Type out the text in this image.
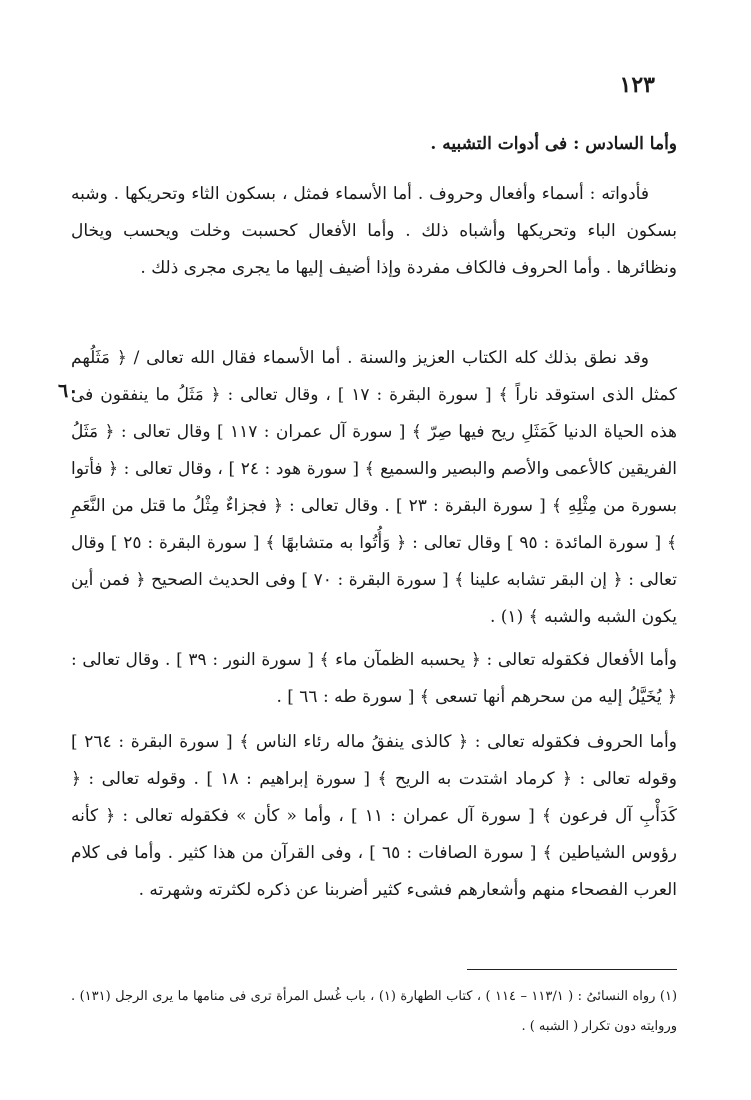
١٢٣
٦٠

وأما السادس : فى أدوات التشبيه .

فأدواته : أسماء وأفعال وحروف . أما الأسماء فمثل ، بسكون الثاء وتحريكها . وشبه بسكون الباء وتحريكها وأشباه ذلك . وأما الأفعال كحسبت وخلت ويحسب ويخال ونظائرها . وأما الحروف فالكاف مفردة وإذا أضيف إليها ما يجرى مجرى ذلك .

وقد نطق بذلك كله الكتاب العزيز والسنة . أما الأسماء فقال الله تعالى / ﴿ مَثَلُهم كمثل الذى استوقد ناراً ﴾ [ سورة البقرة : ١٧ ] ، وقال تعالى : ﴿ مَثَلُ ما ينفقون فى هذه الحياة الدنيا كَمَثَلِ ريح فيها صِرّ ﴾ [ سورة آل عمران : ١١٧ ] وقال تعالى : ﴿ مَثَلُ الفريقين كالأعمى والأصم والبصير والسميع ﴾ [ سورة هود : ٢٤ ] ، وقال تعالى : ﴿ فأتوا بسورة من مِثْلِهِ ﴾ [ سورة البقرة : ٢٣ ] . وقال تعالى : ﴿ فجزاءٌ مِثْلُ ما قتل من النَّعَمِ ﴾ [ سورة المائدة : ٩٥ ] وقال تعالى : ﴿ وَأُتُوا به متشابهًا ﴾ [ سورة البقرة : ٢٥ ] وقال تعالى : ﴿ إن البقر تشابه علينا ﴾ [ سورة البقرة : ٧٠ ] وفى الحديث الصحيح ﴿ فمن أين يكون الشبه والشبه ﴾ (١) .

وأما الأفعال فكقوله تعالى : ﴿ يحسبه الظمآن ماء ﴾ [ سورة النور : ٣٩ ] . وقال تعالى : ﴿ يُخَيَّلُ إليه من سحرهم أنها تسعى ﴾ [ سورة طه : ٦٦ ] .

وأما الحروف فكقوله تعالى : ﴿ كالذى ينفقُ ماله رئاء الناس ﴾ [ سورة البقرة : ٢٦٤ ] وقوله تعالى : ﴿ كرماد اشتدت به الريح ﴾ [ سورة إبراهيم : ١٨ ] . وقوله تعالى : ﴿ كَدَأْبِ آل فرعون ﴾ [ سورة آل عمران : ١١ ] ، وأما « كأن » فكقوله تعالى : ﴿ كأنه رؤوس الشياطين ﴾ [ سورة الصافات : ٦٥ ] ، وفى القرآن من هذا كثير . وأما فى كلام العرب الفصحاء منهم وأشعارهم فشىء كثير أضربنا عن ذكره لكثرته وشهرته .

(١) رواه النسائىُ : ( ١١٣/١ – ١١٤ ) ، كتاب الطهارة (١) ، باب غُسل المرأة ترى فى منامها ما يرى الرجل (١٣١) . وروايته دون تكرار ( الشبه ) .
